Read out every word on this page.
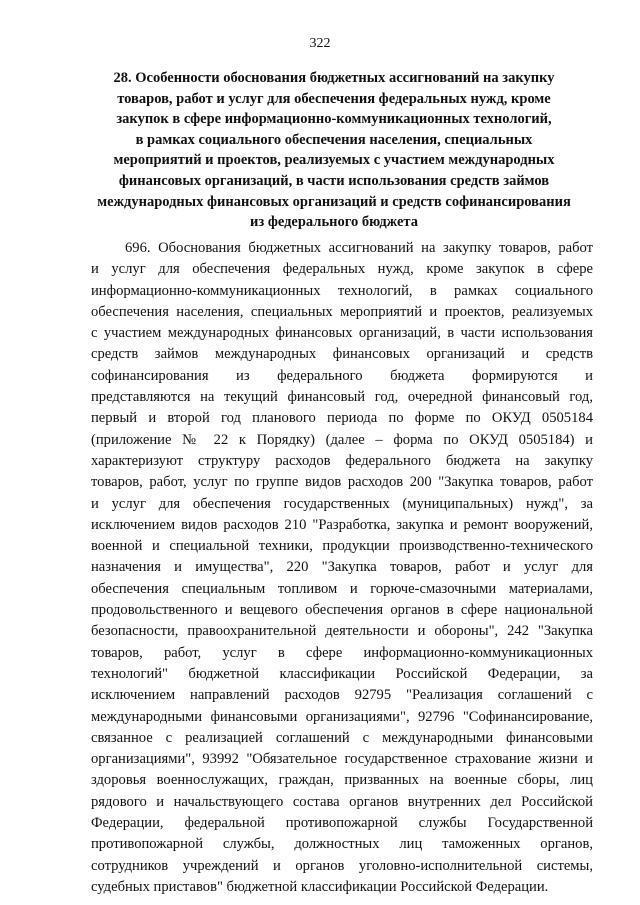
322
28. Особенности обоснования бюджетных ассигнований на закупку
товаров, работ и услуг для обеспечения федеральных нужд, кроме
закупок в сфере информационно-коммуникационных технологий,
в рамках социального обеспечения населения, специальных
мероприятий и проектов, реализуемых с участием международных
финансовых организаций, в части использования средств займов
международных финансовых организаций и средств софинансирования
из федерального бюджета
696. Обоснования бюджетных ассигнований на закупку товаров, работ
и услуг для обеспечения федеральных нужд, кроме закупок в сфере
информационно-коммуникационных технологий, в рамках социального
обеспечения населения, специальных мероприятий и проектов, реализуемых
с участием международных финансовых организаций, в части использования
средств займов международных финансовых организаций и средств
софинансирования из федерального бюджета формируются и
представляются на текущий финансовый год, очередной финансовый год,
первый и второй год планового периода по форме по ОКУД 0505184
(приложение № 22 к Порядку) (далее – форма по ОКУД 0505184) и
характеризуют структуру расходов федерального бюджета на закупку
товаров, работ, услуг по группе видов расходов 200 "Закупка товаров, работ
и услуг для обеспечения государственных (муниципальных) нужд", за
исключением видов расходов 210 "Разработка, закупка и ремонт вооружений,
военной и специальной техники, продукции производственно-технического
назначения и имущества", 220 "Закупка товаров, работ и услуг для
обеспечения специальным топливом и горюче-смазочными материалами,
продовольственного и вещевого обеспечения органов в сфере национальной
безопасности, правоохранительной деятельности и обороны", 242 "Закупка
товаров, работ, услуг в сфере информационно-коммуникационных
технологий" бюджетной классификации Российской Федерации, за
исключением направлений расходов 92795 "Реализация соглашений с
международными финансовыми организациями", 92796 "Софинансирование,
связанное с реализацией соглашений с международными финансовыми
организациями", 93992 "Обязательное государственное страхование жизни и
здоровья военнослужащих, граждан, призванных на военные сборы, лиц
рядового и начальствующего состава органов внутренних дел Российской
Федерации, федеральной противопожарной службы Государственной
противопожарной службы, должностных лиц таможенных органов,
сотрудников учреждений и органов уголовно-исполнительной системы,
судебных приставов" бюджетной классификации Российской Федерации.
